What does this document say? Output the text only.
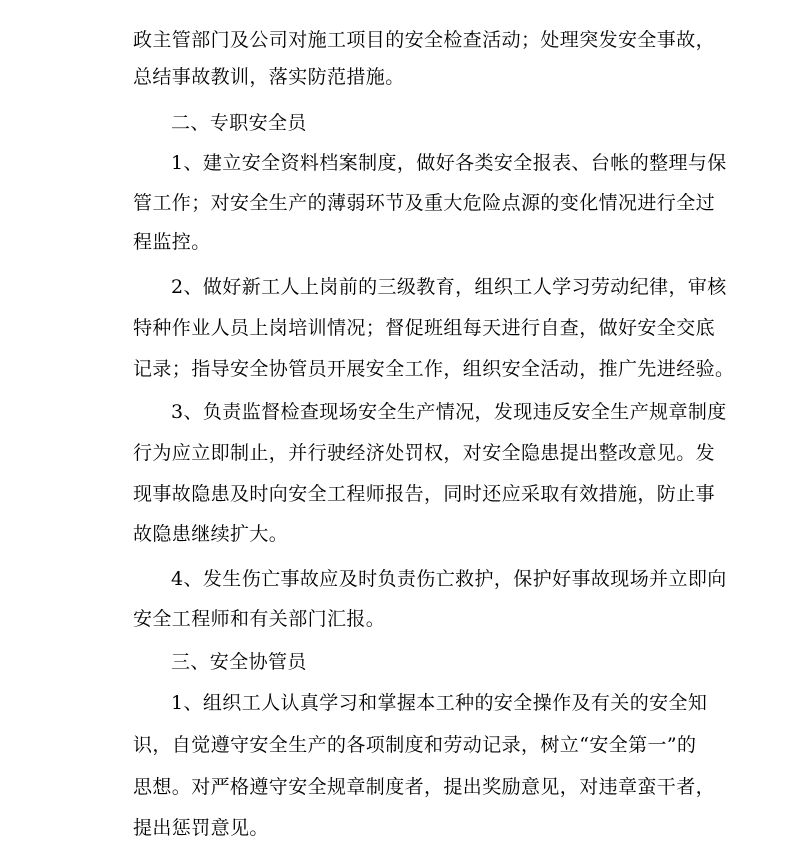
政主管部门及公司对施工项目的安全检查活动；处理突发安全事故，
总结事故教训，落实防范措施。
二、专职安全员
1、建立安全资料档案制度，做好各类安全报表、台帐的整理与保
管工作；对安全生产的薄弱环节及重大危险点源的变化情况进行全过
程监控。
2、做好新工人上岗前的三级教育，组织工人学习劳动纪律，审核
特种作业人员上岗培训情况；督促班组每天进行自查，做好安全交底
记录；指导安全协管员开展安全工作，组织安全活动，推广先进经验。
3、负责监督检查现场安全生产情况，发现违反安全生产规章制度
行为应立即制止，并行驶经济处罚权，对安全隐患提出整改意见。发
现事故隐患及时向安全工程师报告，同时还应采取有效措施，防止事
故隐患继续扩大。
4、发生伤亡事故应及时负责伤亡救护，保护好事故现场并立即向
安全工程师和有关部门汇报。
三、安全协管员
1、组织工人认真学习和掌握本工种的安全操作及有关的安全知
识，自觉遵守安全生产的各项制度和劳动记录，树立“安全第一”的
思想。对严格遵守安全规章制度者，提出奖励意见，对违章蛮干者，
提出惩罚意见。
